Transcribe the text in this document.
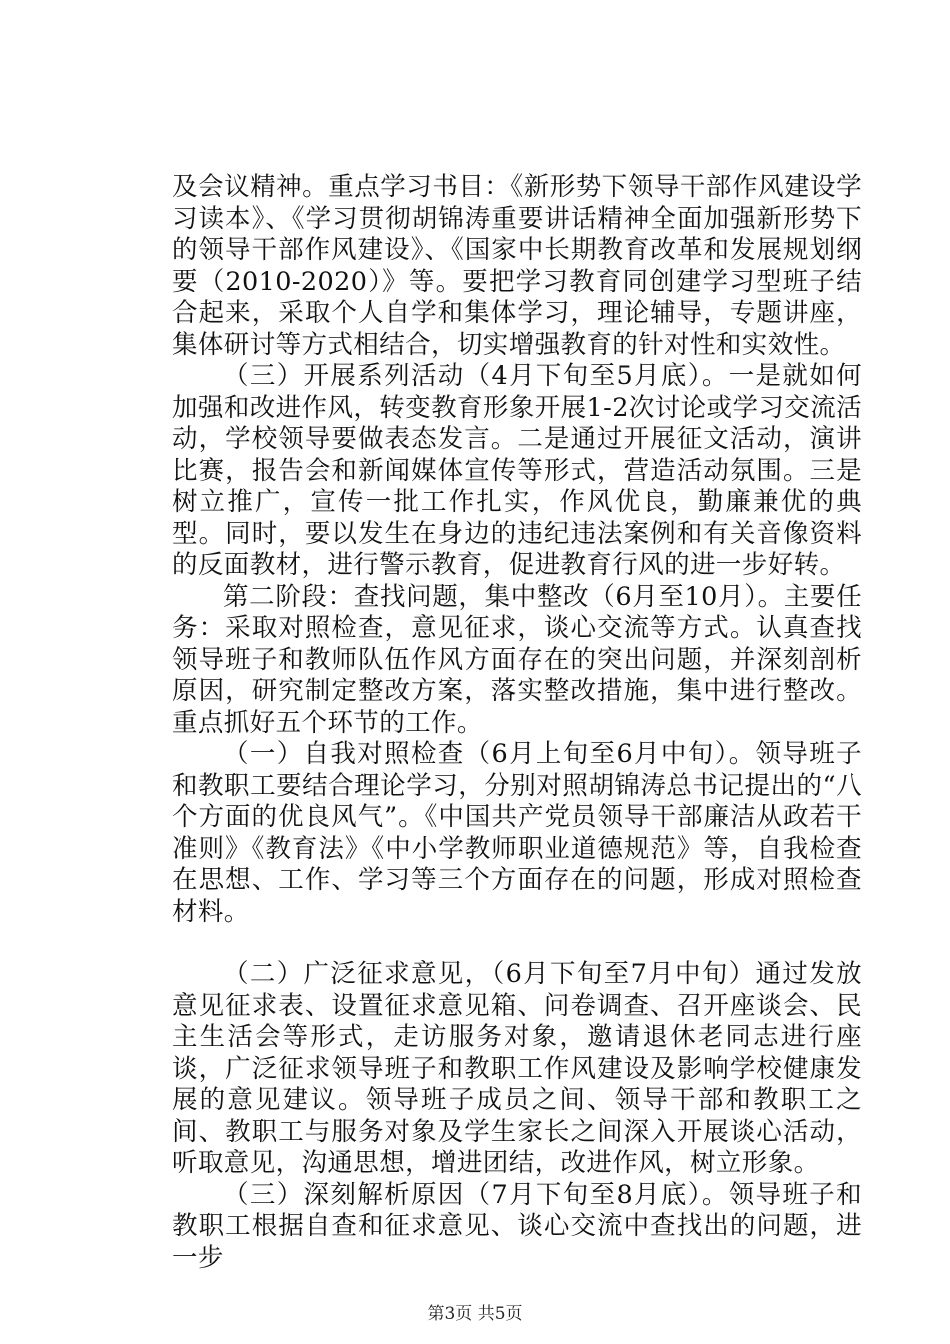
及会议精神。重点学习书目：《新形势下领导干部作风建设学习读本》、《学习贯彻胡锦涛重要讲话精神全面加强新形势下的领导干部作风建设》、《国家中长期教育改革和发展规划纲要（2010-2020）》等。要把学习教育同创建学习型班子结合起来，采取个人自学和集体学习，理论辅导，专题讲座，集体研讨等方式相结合，切实增强教育的针对性和实效性。

（三）开展系列活动（4月下旬至5月底）。一是就如何加强和改进作风，转变教育形象开展1-2次讨论或学习交流活动，学校领导要做表态发言。二是通过开展征文活动，演讲比赛，报告会和新闻媒体宣传等形式，营造活动氛围。三是树立推广，宣传一批工作扎实，作风优良，勤廉兼优的典型。同时，要以发生在身边的违纪违法案例和有关音像资料的反面教材，进行警示教育，促进教育行风的进一步好转。

第二阶段：查找问题，集中整改（6月至10月）。主要任务：采取对照检查，意见征求，谈心交流等方式。认真查找领导班子和教师队伍作风方面存在的突出问题，并深刻剖析原因，研究制定整改方案，落实整改措施，集中进行整改。重点抓好五个环节的工作。

（一）自我对照检查（6月上旬至6月中旬）。领导班子和教职工要结合理论学习，分别对照胡锦涛总书记提出的“八个方面的优良风气”。《中国共产党员领导干部廉洁从政若干准则》《教育法》《中小学教师职业道德规范》等，自我检查在思想、工作、学习等三个方面存在的问题，形成对照检查材料。

（二）广泛征求意见，（6月下旬至7月中旬）通过发放意见征求表、设置征求意见箱、问卷调查、召开座谈会、民主生活会等形式，走访服务对象，邀请退休老同志进行座谈，广泛征求领导班子和教职工作风建设及影响学校健康发展的意见建议。领导班子成员之间、领导干部和教职工之间、教职工与服务对象及学生家长之间深入开展谈心活动，听取意见，沟通思想，增进团结，改进作风，树立形象。

（三）深刻解析原因（7月下旬至8月底）。领导班子和教职工根据自查和征求意见、谈心交流中查找出的问题，进一步

第3页 共5页
